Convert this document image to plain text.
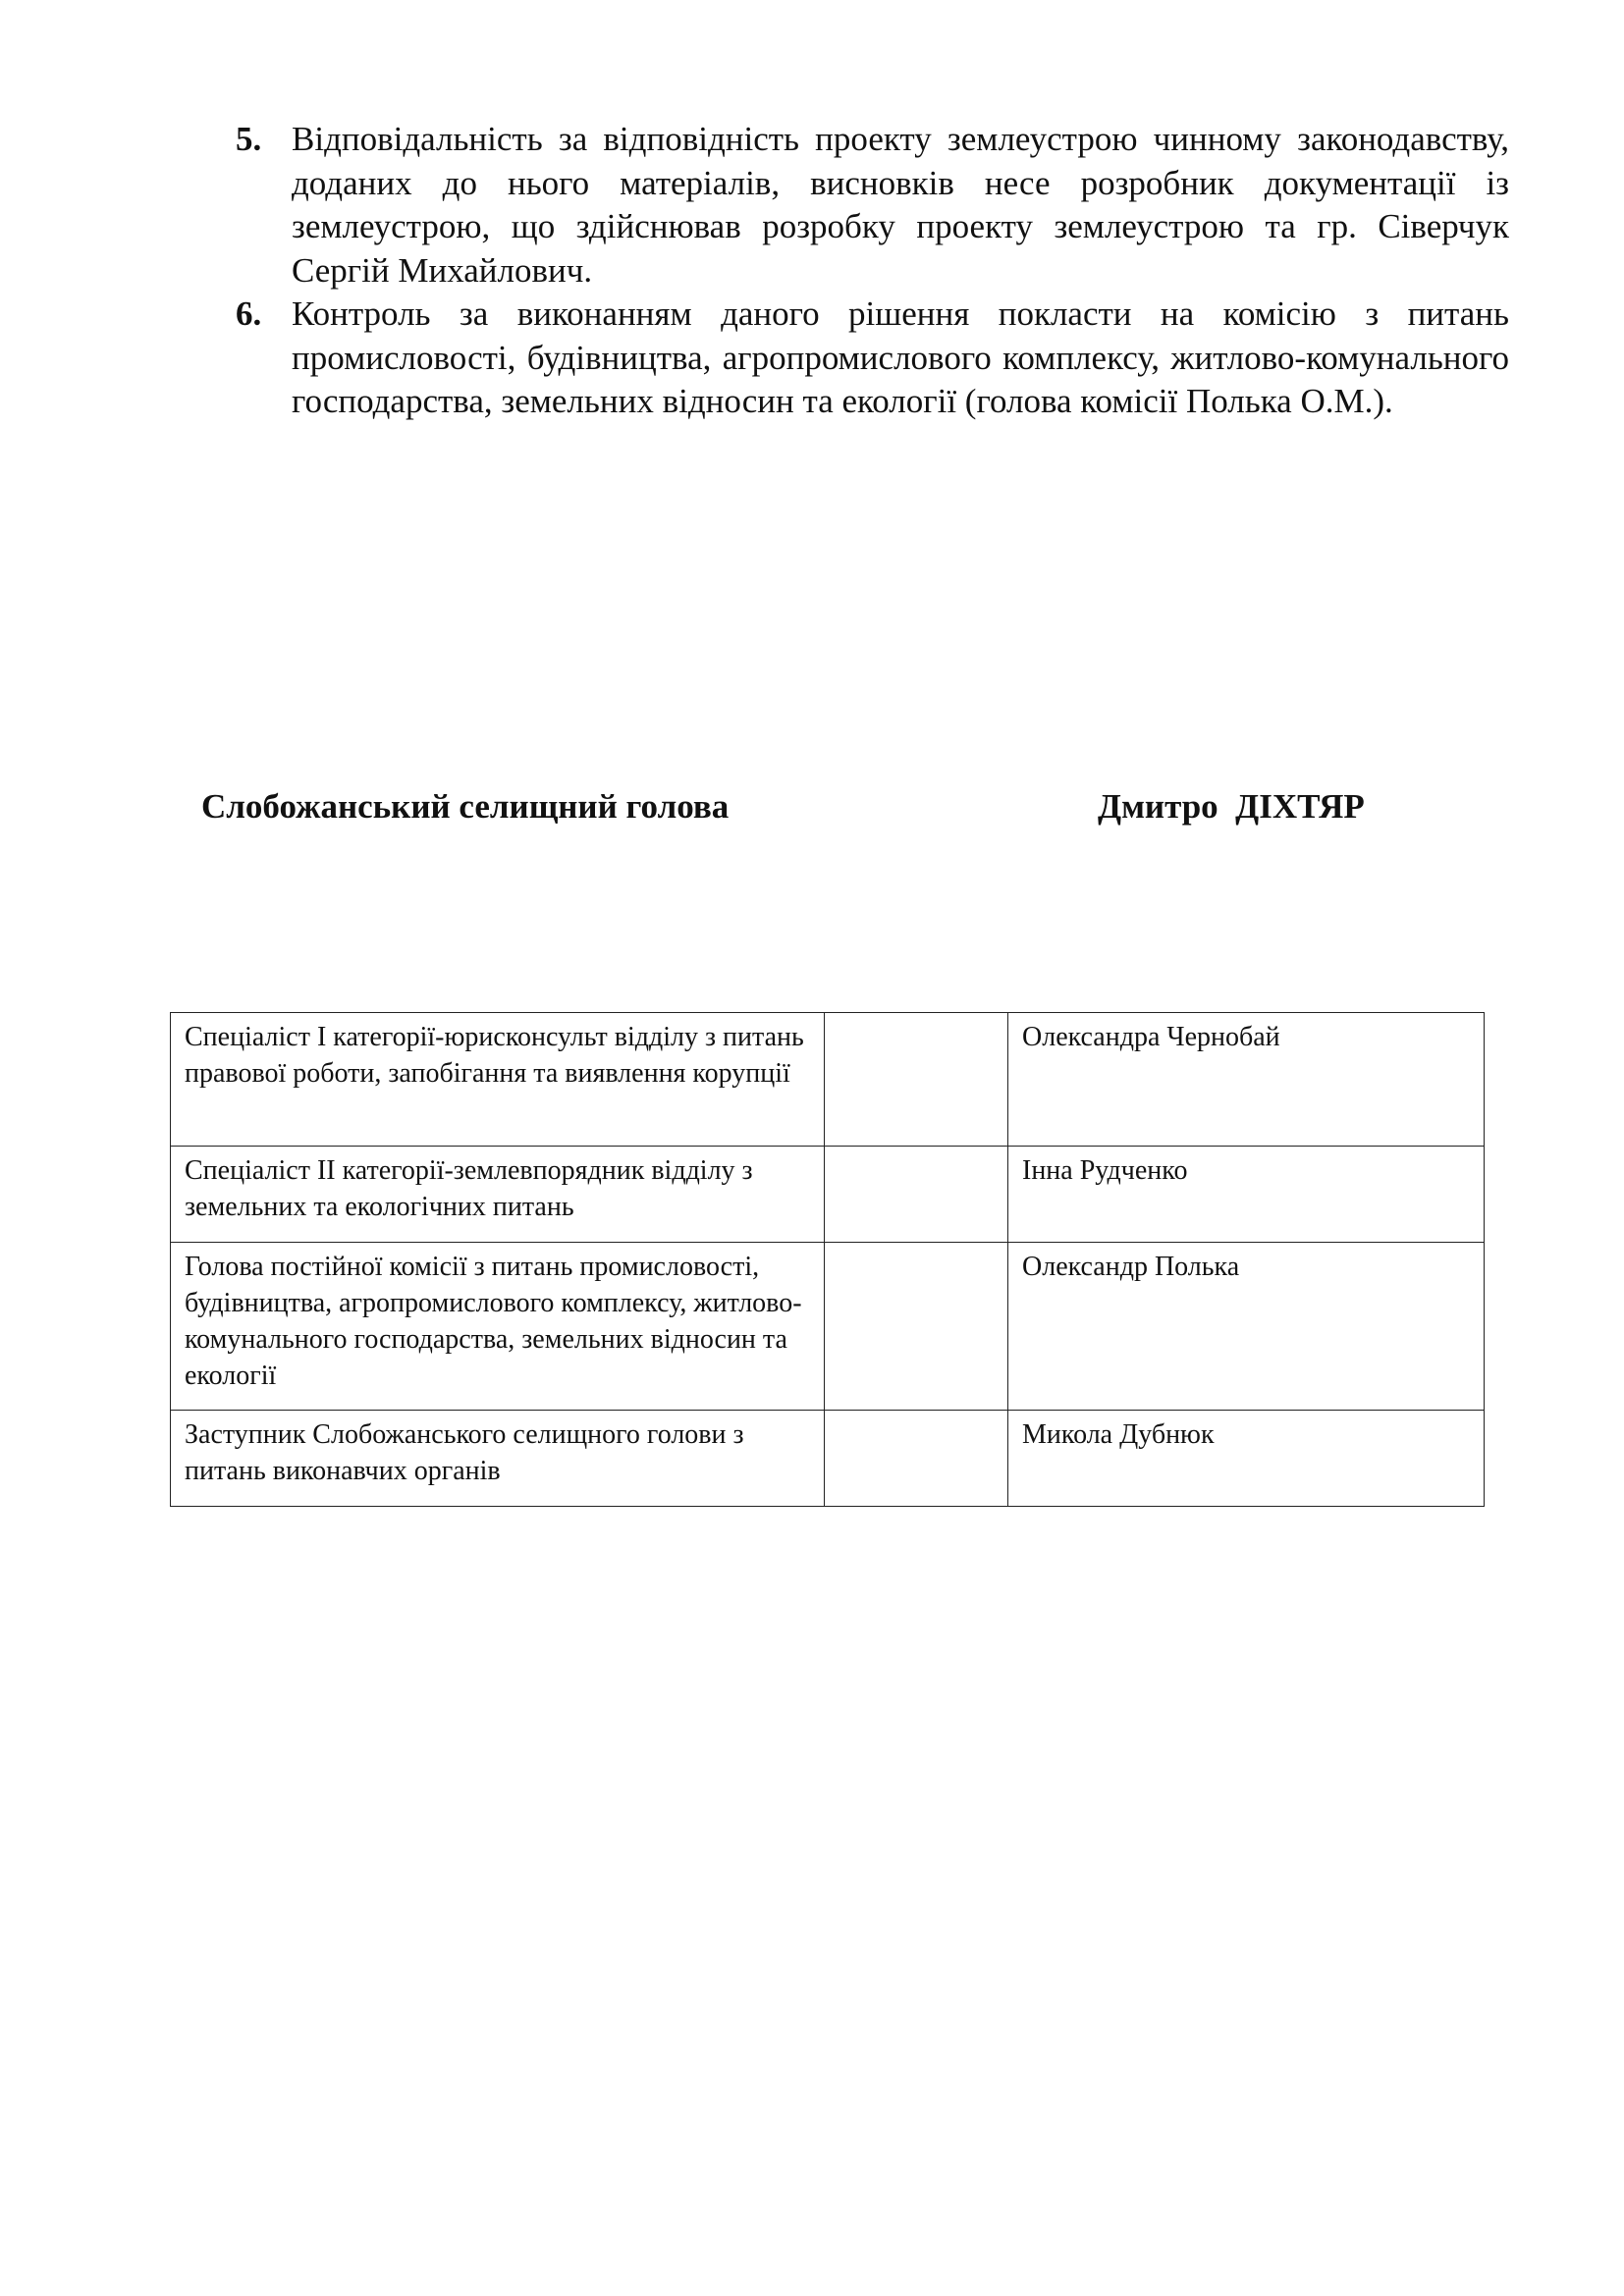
5. Відповідальність за відповідність проекту землеустрою чинному законодавству, доданих до нього матеріалів, висновків несе розробник документації із землеустрою, що здійснював розробку проекту землеустрою та гр. Сіверчук Сергій Михайлович.
6. Контроль за виконанням даного рішення покласти на комісію з питань промисловості, будівництва, агропромислового комплексу, житлово-комунального господарства, земельних відносин та екології (голова комісії Полька О.М.).
Слобожанський селищний голова	Дмитро  ДІХТЯР
Спеціаліст І категорії-юрисконсульт відділу з питань правової роботи, запобігання та виявлення корупції		Олександра Чернобай
Спеціаліст ІІ категорії-землевпорядник відділу з земельних та екологічних питань		Інна Рудченко
Голова постійної комісії з питань промисловості, будівництва, агропромислового комплексу, житлово-комунального господарства, земельних відносин та екології		Олександр Полька
Заступник Слобожанського селищного голови з питань виконавчих органів		Микола Дубнюк
